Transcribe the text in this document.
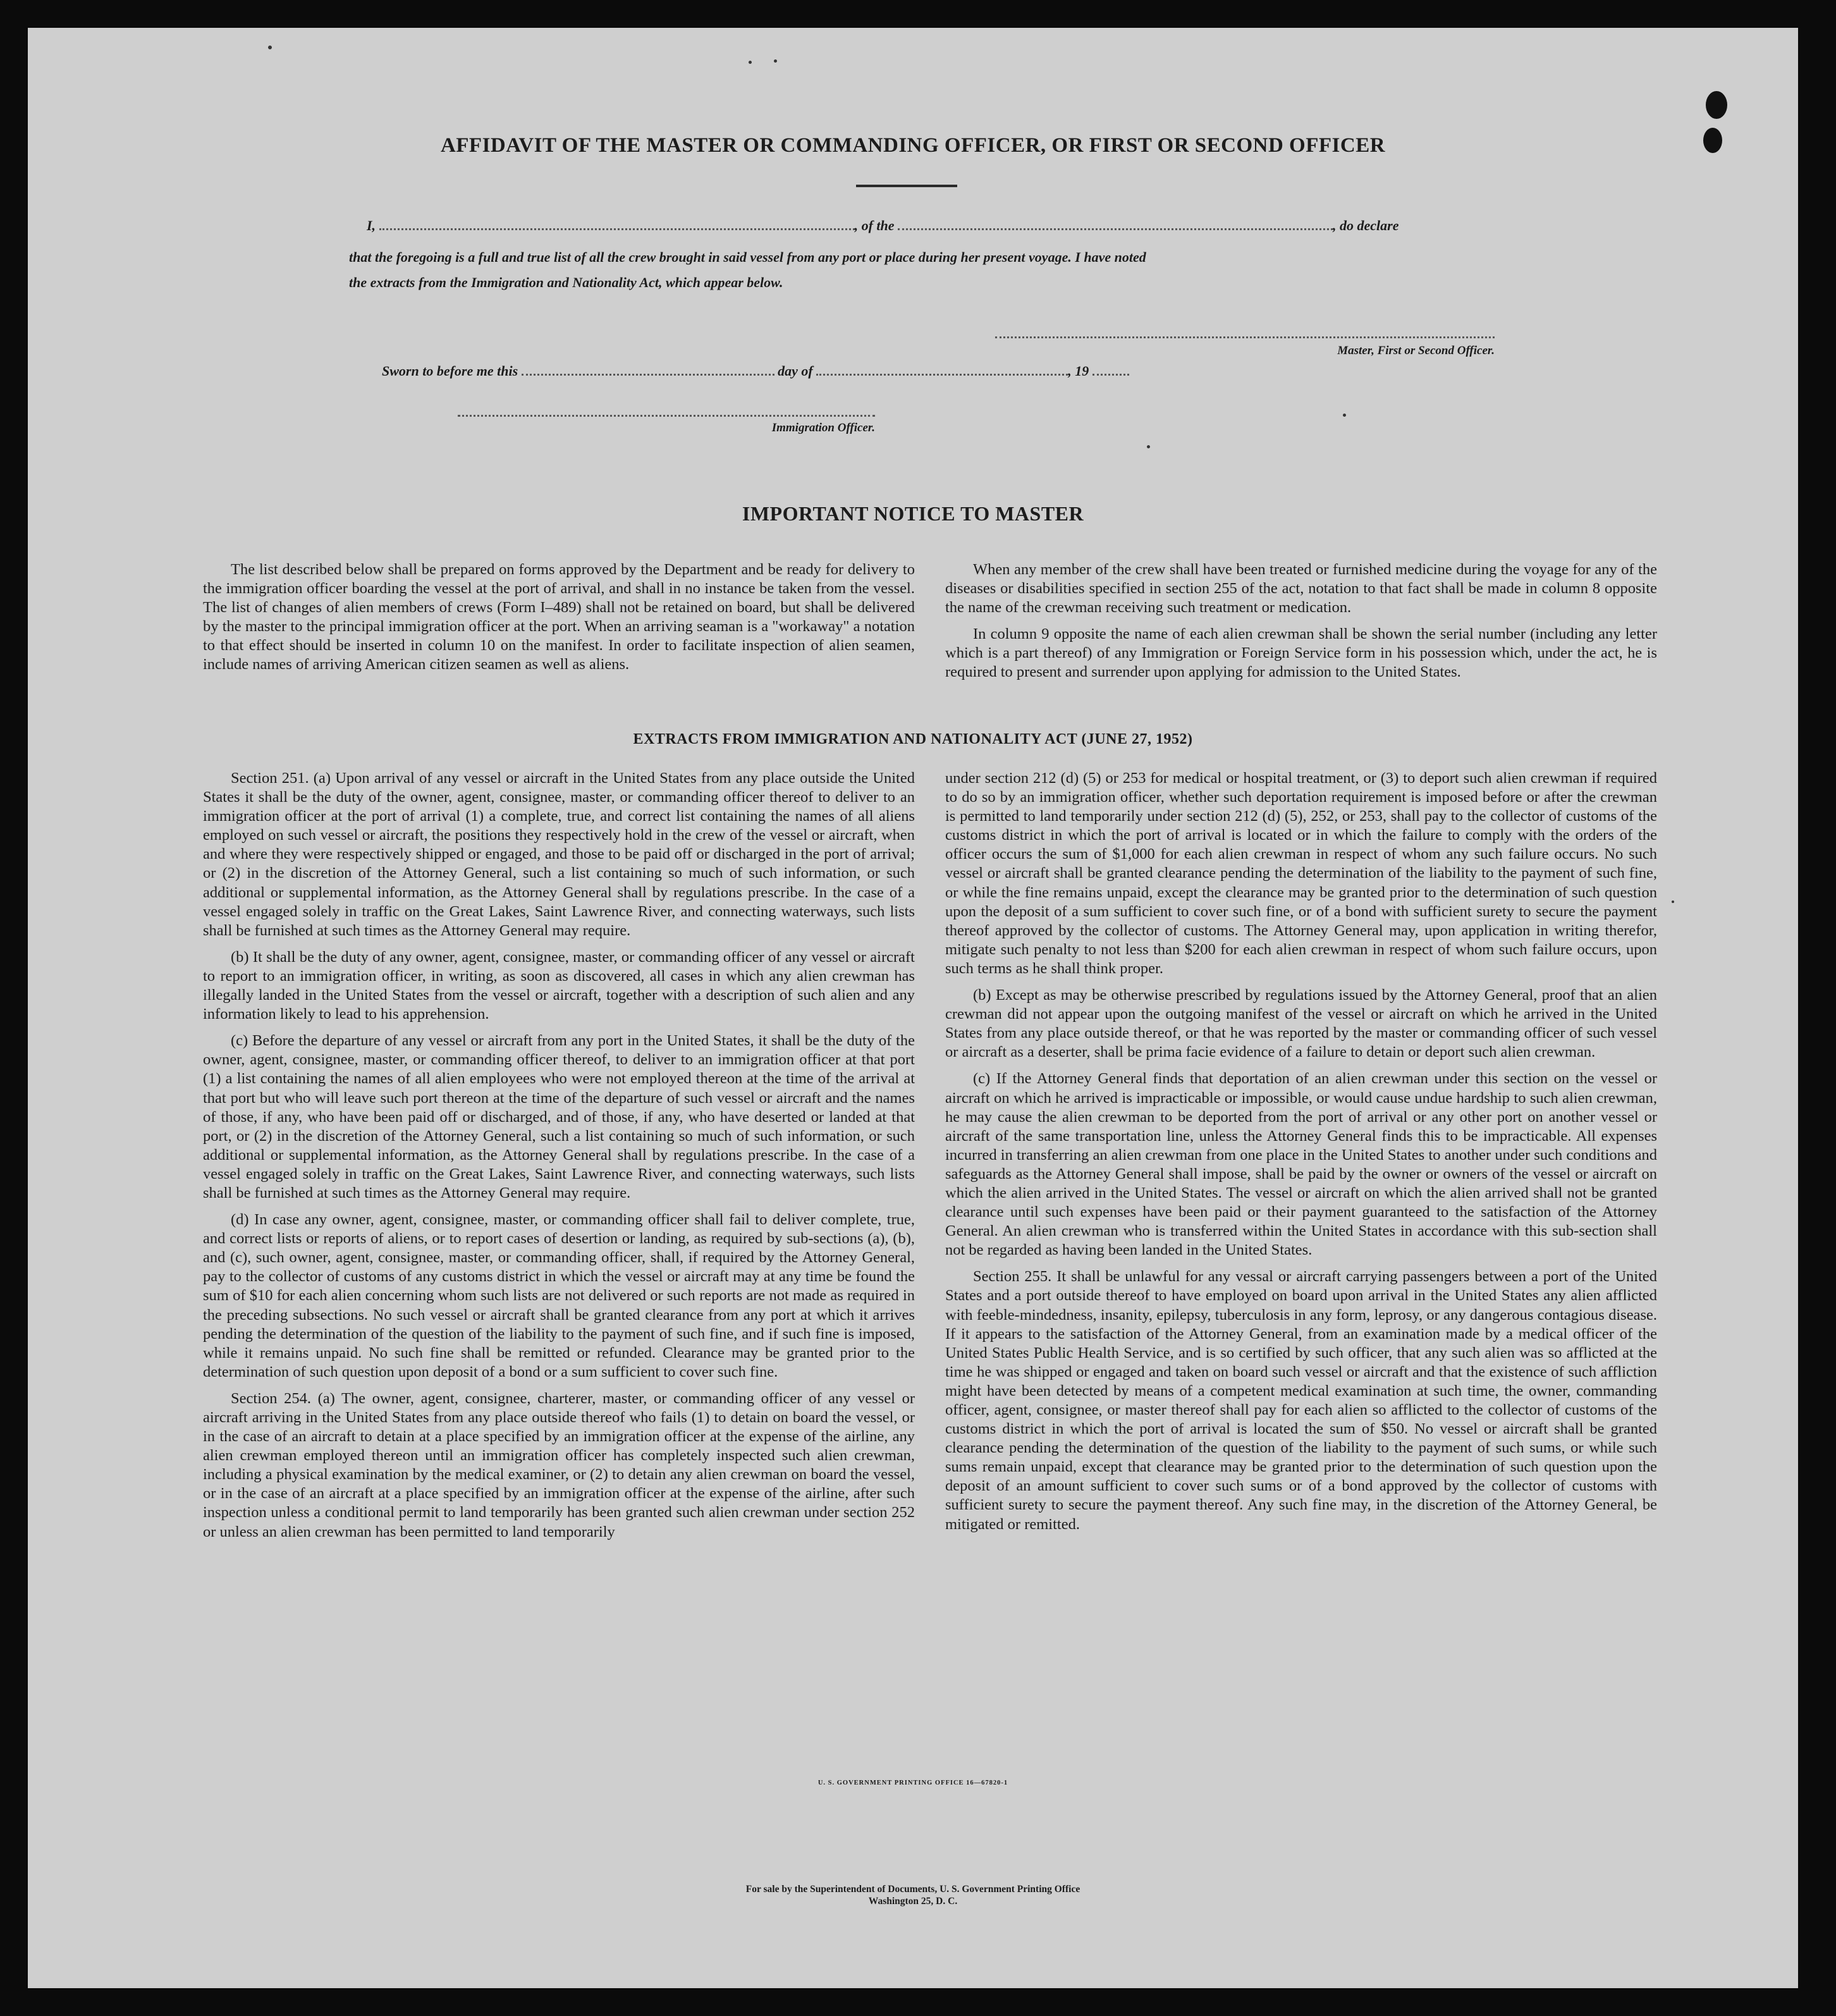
AFFIDAVIT OF THE MASTER OR COMMANDING OFFICER, OR FIRST OR SECOND OFFICER
I,	, of the	, do declare
that the foregoing is a full and true list of all the crew brought in said vessel from any port or place during her present voyage. I have noted
the extracts from the Immigration and Nationality Act, which appear below.
Master, First or Second Officer.
Sworn to before me this	day of	, 19
Immigration Officer.
IMPORTANT NOTICE TO MASTER

The list described below shall be prepared on forms approved by the Department and be ready for delivery to the immigration officer boarding the vessel at the port of arrival, and shall in no instance be taken from the vessel. The list of changes of alien members of crews (Form I–489) shall not be retained on board, but shall be delivered by the master to the principal immigration officer at the port. When an arriving seaman is a "workaway" a notation to that effect should be inserted in column 10 on the manifest. In order to facilitate inspection of alien seamen, include names of arriving American citizen seamen as well as aliens.

When any member of the crew shall have been treated or furnished medicine during the voyage for any of the diseases or disabilities specified in section 255 of the act, notation to that fact shall be made in column 8 opposite the name of the crewman receiving such treatment or medication.

In column 9 opposite the name of each alien crewman shall be shown the serial number (including any letter which is a part thereof) of any Immigration or Foreign Service form in his possession which, under the act, he is required to present and surrender upon applying for admission to the United States.

EXTRACTS FROM IMMIGRATION AND NATIONALITY ACT (JUNE 27, 1952)

Section 251. (a) Upon arrival of any vessel or aircraft in the United States from any place outside the United States it shall be the duty of the owner, agent, consignee, master, or commanding officer thereof to deliver to an immigration officer at the port of arrival (1) a complete, true, and correct list containing the names of all aliens employed on such vessel or aircraft, the positions they respectively hold in the crew of the vessel or aircraft, when and where they were respectively shipped or engaged, and those to be paid off or discharged in the port of arrival; or (2) in the discretion of the Attorney General, such a list containing so much of such information, or such additional or supplemental information, as the Attorney General shall by regulations prescribe. In the case of a vessel engaged solely in traffic on the Great Lakes, Saint Lawrence River, and connecting waterways, such lists shall be furnished at such times as the Attorney General may require.

(b) It shall be the duty of any owner, agent, consignee, master, or commanding officer of any vessel or aircraft to report to an immigration officer, in writing, as soon as discovered, all cases in which any alien crewman has illegally landed in the United States from the vessel or aircraft, together with a description of such alien and any information likely to lead to his apprehension.

(c) Before the departure of any vessel or aircraft from any port in the United States, it shall be the duty of the owner, agent, consignee, master, or commanding officer thereof, to deliver to an immigration officer at that port (1) a list containing the names of all alien employees who were not employed thereon at the time of the arrival at that port but who will leave such port thereon at the time of the departure of such vessel or aircraft and the names of those, if any, who have been paid off or discharged, and of those, if any, who have deserted or landed at that port, or (2) in the discretion of the Attorney General, such a list containing so much of such information, or such additional or supplemental information, as the Attorney General shall by regulations prescribe. In the case of a vessel engaged solely in traffic on the Great Lakes, Saint Lawrence River, and connecting waterways, such lists shall be furnished at such times as the Attorney General may require.

(d) In case any owner, agent, consignee, master, or commanding officer shall fail to deliver complete, true, and correct lists or reports of aliens, or to report cases of desertion or landing, as required by sub-sections (a), (b), and (c), such owner, agent, consignee, master, or commanding officer, shall, if required by the Attorney General, pay to the collector of customs of any customs district in which the vessel or aircraft may at any time be found the sum of $10 for each alien concerning whom such lists are not delivered or such reports are not made as required in the preceding subsections. No such vessel or aircraft shall be granted clearance from any port at which it arrives pending the determination of the question of the liability to the payment of such fine, and if such fine is imposed, while it remains unpaid. No such fine shall be remitted or refunded. Clearance may be granted prior to the determination of such question upon deposit of a bond or a sum sufficient to cover such fine.

Section 254. (a) The owner, agent, consignee, charterer, master, or commanding officer of any vessel or aircraft arriving in the United States from any place outside thereof who fails (1) to detain on board the vessel, or in the case of an aircraft to detain at a place specified by an immigration officer at the expense of the airline, any alien crewman employed thereon until an immigration officer has completely inspected such alien crewman, including a physical examination by the medical examiner, or (2) to detain any alien crewman on board the vessel, or in the case of an aircraft at a place specified by an immigration officer at the expense of the airline, after such inspection unless a conditional permit to land temporarily has been granted such alien crewman under section 252 or unless an alien crewman has been permitted to land temporarily

under section 212 (d) (5) or 253 for medical or hospital treatment, or (3) to deport such alien crewman if required to do so by an immigration officer, whether such deportation requirement is imposed before or after the crewman is permitted to land temporarily under section 212 (d) (5), 252, or 253, shall pay to the collector of customs of the customs district in which the port of arrival is located or in which the failure to comply with the orders of the officer occurs the sum of $1,000 for each alien crewman in respect of whom any such failure occurs. No such vessel or aircraft shall be granted clearance pending the determination of the liability to the payment of such fine, or while the fine remains unpaid, except the clearance may be granted prior to the determination of such question upon the deposit of a sum sufficient to cover such fine, or of a bond with sufficient surety to secure the payment thereof approved by the collector of customs. The Attorney General may, upon application in writing therefor, mitigate such penalty to not less than $200 for each alien crewman in respect of whom such failure occurs, upon such terms as he shall think proper.

(b) Except as may be otherwise prescribed by regulations issued by the Attorney General, proof that an alien crewman did not appear upon the outgoing manifest of the vessel or aircraft on which he arrived in the United States from any place outside thereof, or that he was reported by the master or commanding officer of such vessel or aircraft as a deserter, shall be prima facie evidence of a failure to detain or deport such alien crewman.

(c) If the Attorney General finds that deportation of an alien crewman under this section on the vessel or aircraft on which he arrived is impracticable or impossible, or would cause undue hardship to such alien crewman, he may cause the alien crewman to be deported from the port of arrival or any other port on another vessel or aircraft of the same transportation line, unless the Attorney General finds this to be impracticable. All expenses incurred in transferring an alien crewman from one place in the United States to another under such conditions and safeguards as the Attorney General shall impose, shall be paid by the owner or owners of the vessel or aircraft on which the alien arrived in the United States. The vessel or aircraft on which the alien arrived shall not be granted clearance until such expenses have been paid or their payment guaranteed to the satisfaction of the Attorney General. An alien crewman who is transferred within the United States in accordance with this sub-section shall not be regarded as having been landed in the United States.

Section 255. It shall be unlawful for any vessal or aircraft carrying passengers between a port of the United States and a port outside thereof to have employed on board upon arrival in the United States any alien afflicted with feeble-mindedness, insanity, epilepsy, tuberculosis in any form, leprosy, or any dangerous contagious disease. If it appears to the satisfaction of the Attorney General, from an examination made by a medical officer of the United States Public Health Service, and is so certified by such officer, that any such alien was so afflicted at the time he was shipped or engaged and taken on board such vessel or aircraft and that the existence of such affliction might have been detected by means of a competent medical examination at such time, the owner, commanding officer, agent, consignee, or master thereof shall pay for each alien so afflicted to the collector of customs of the customs district in which the port of arrival is located the sum of $50. No vessel or aircraft shall be granted clearance pending the determination of the question of the liability to the payment of such sums, or while such sums remain unpaid, except that clearance may be granted prior to the determination of such question upon the deposit of an amount sufficient to cover such sums or of a bond approved by the collector of customs with sufficient surety to secure the payment thereof. Any such fine may, in the discretion of the Attorney General, be mitigated or remitted.

U. S. GOVERNMENT PRINTING OFFICE 16—67820-1
For sale by the Superintendent of Documents, U. S. Government Printing Office
Washington 25, D. C.
